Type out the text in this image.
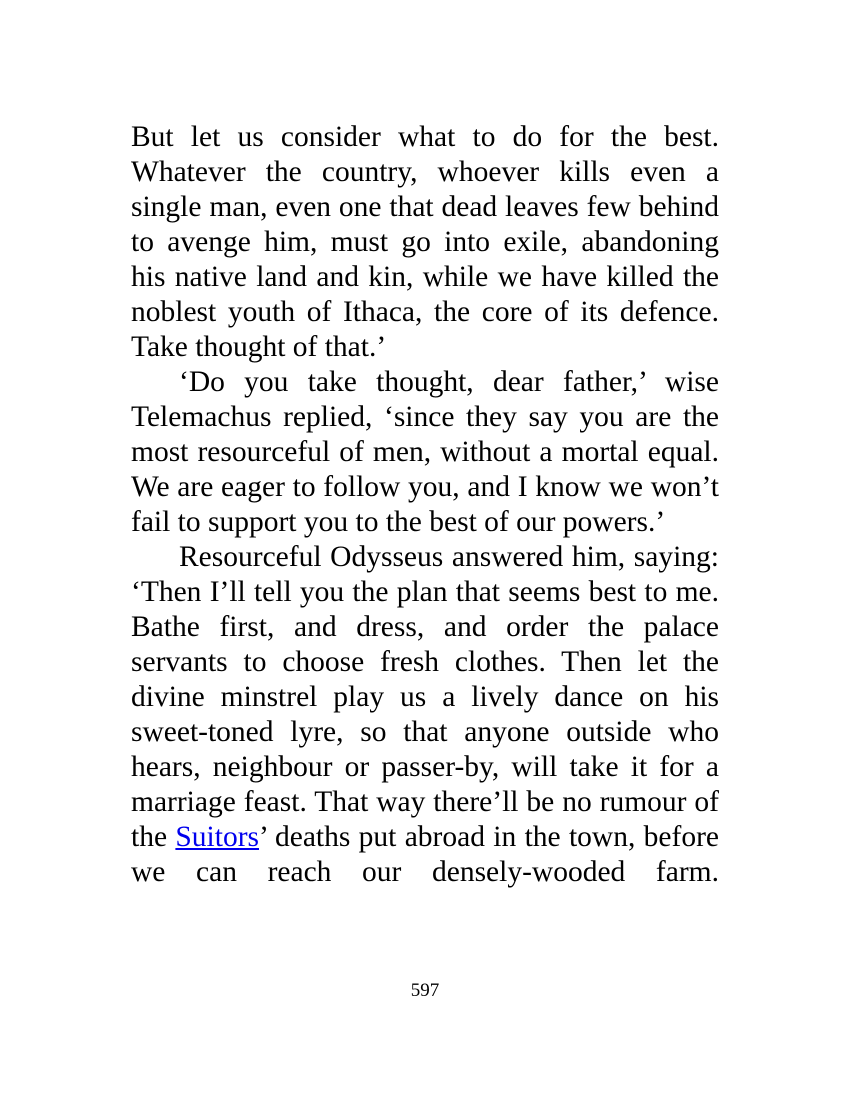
But let us consider what to do for the best. Whatever the country, whoever kills even a single man, even one that dead leaves few behind to avenge him, must go into exile, abandoning his native land and kin, while we have killed the noblest youth of Ithaca, the core of its defence. Take thought of that.’

‘Do you take thought, dear father,’ wise Telemachus replied, ‘since they say you are the most resourceful of men, without a mortal equal. We are eager to follow you, and I know we won’t fail to support you to the best of our powers.’

Resourceful Odysseus answered him, saying: ‘Then I’ll tell you the plan that seems best to me. Bathe first, and dress, and order the palace servants to choose fresh clothes. Then let the divine minstrel play us a lively dance on his sweet-toned lyre, so that anyone outside who hears, neighbour or passer-by, will take it for a marriage feast. That way there’ll be no rumour of the Suitors’ deaths put abroad in the town, before we can reach our densely-wooded farm.

597
